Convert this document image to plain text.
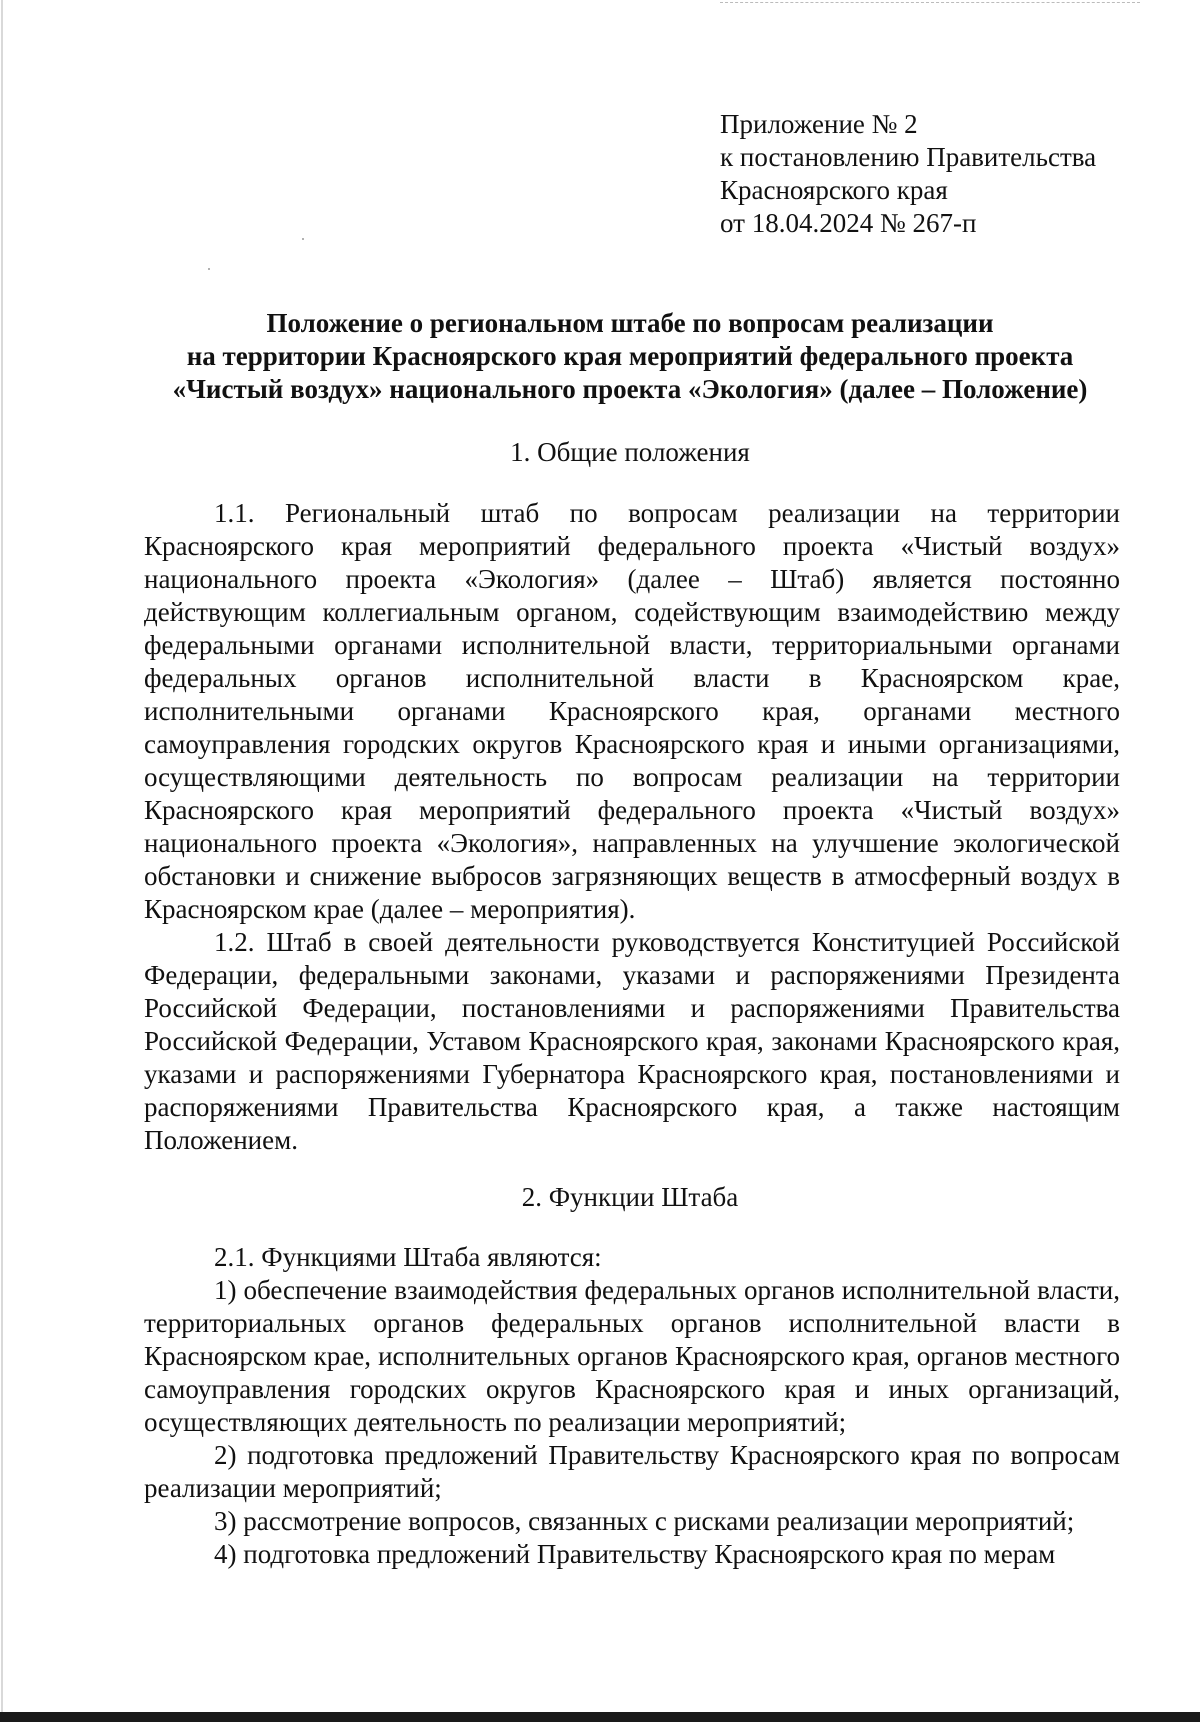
Приложение № 2
к постановлению Правительства
Красноярского края
от 18.04.2024 № 267-п
Положение о региональном штабе по вопросам реализации
на территории Красноярского края мероприятий федерального проекта
«Чистый воздух» национального проекта «Экология» (далее – Положение)
1. Общие положения

1.1. Региональный штаб по вопросам реализации на территории Красноярского края мероприятий федерального проекта «Чистый воздух» национального проекта «Экология» (далее – Штаб) является постоянно действующим коллегиальным органом, содействующим взаимодействию между федеральными органами исполнительной власти, территориальными органами федеральных органов исполнительной власти в Красноярском крае, исполнительными органами Красноярского края, органами местного самоуправления городских округов Красноярского края и иными организациями, осуществляющими деятельность по вопросам реализации на территории Красноярского края мероприятий федерального проекта «Чистый воздух» национального проекта «Экология», направленных на улучшение экологической обстановки и снижение выбросов загрязняющих веществ в атмосферный воздух в Красноярском крае (далее – мероприятия).

1.2. Штаб в своей деятельности руководствуется Конституцией Российской Федерации, федеральными законами, указами и распоряжениями Президента Российской Федерации, постановлениями и распоряжениями Правительства Российской Федерации, Уставом Красноярского края, законами Красноярского края, указами и распоряжениями Губернатора Красноярского края, постановлениями и распоряжениями Правительства Красноярского края, а также настоящим Положением.

2. Функции Штаба

2.1. Функциями Штаба являются:

1) обеспечение взаимодействия федеральных органов исполнительной власти, территориальных органов федеральных органов исполнительной власти в Красноярском крае, исполнительных органов Красноярского края, органов местного самоуправления городских округов Красноярского края и иных организаций, осуществляющих деятельность по реализации мероприятий;

2) подготовка предложений Правительству Красноярского края по вопросам реализации мероприятий;

3) рассмотрение вопросов, связанных с рисками реализации мероприятий;

4) подготовка предложений Правительству Красноярского края по мерам
